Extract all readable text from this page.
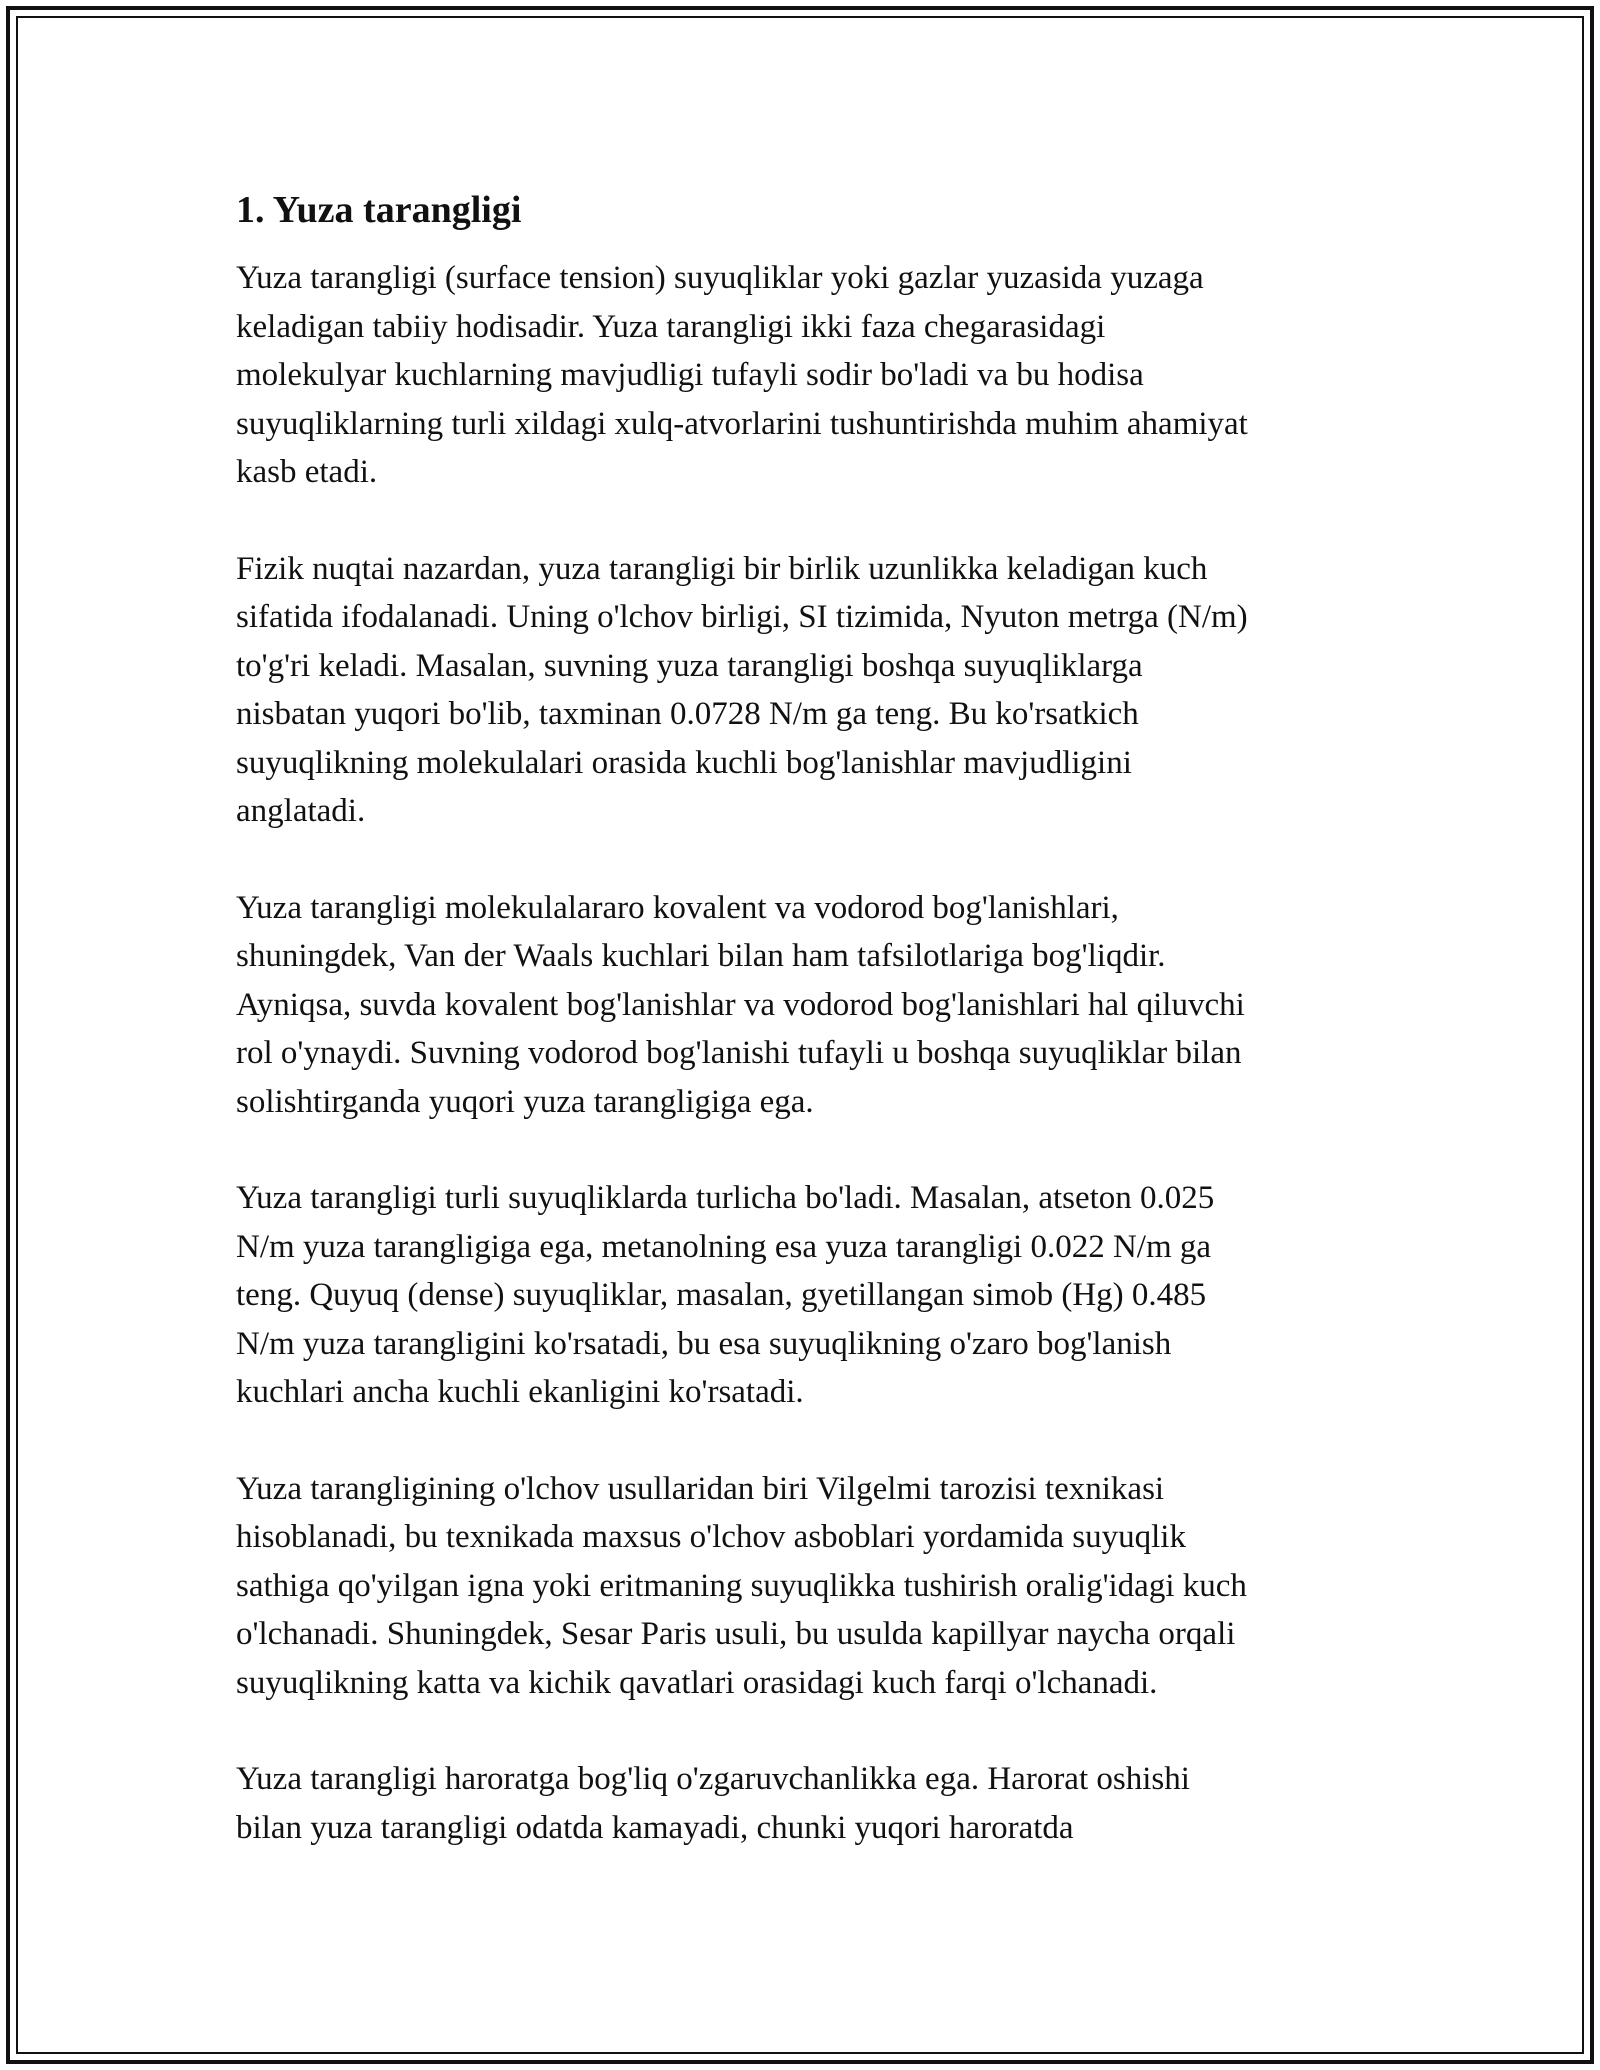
1. Yuza tarangligi

Yuza tarangligi (surface tension) suyuqliklar yoki gazlar yuzasida yuzaga
keladigan tabiiy hodisadir. Yuza tarangligi ikki faza chegarasidagi
molekulyar kuchlarning mavjudligi tufayli sodir bo'ladi va bu hodisa
suyuqliklarning turli xildagi xulq-atvorlarini tushuntirishda muhim ahamiyat
kasb etadi.

Fizik nuqtai nazardan, yuza tarangligi bir birlik uzunlikka keladigan kuch
sifatida ifodalanadi. Uning o'lchov birligi, SI tizimida, Nyuton metrga (N/m)
to'g'ri keladi. Masalan, suvning yuza tarangligi boshqa suyuqliklarga
nisbatan yuqori bo'lib, taxminan 0.0728 N/m ga teng. Bu ko'rsatkich
suyuqlikning molekulalari orasida kuchli bog'lanishlar mavjudligini
anglatadi.

Yuza tarangligi molekulalararo kovalent va vodorod bog'lanishlari,
shuningdek, Van der Waals kuchlari bilan ham tafsilotlariga bog'liqdir.
Ayniqsa, suvda kovalent bog'lanishlar va vodorod bog'lanishlari hal qiluvchi
rol o'ynaydi. Suvning vodorod bog'lanishi tufayli u boshqa suyuqliklar bilan
solishtirganda yuqori yuza tarangligiga ega.

Yuza tarangligi turli suyuqliklarda turlicha bo'ladi. Masalan, atseton 0.025
N/m yuza tarangligiga ega, metanolning esa yuza tarangligi 0.022 N/m ga
teng. Quyuq (dense) suyuqliklar, masalan, gyetillangan simob (Hg) 0.485
N/m yuza tarangligini ko'rsatadi, bu esa suyuqlikning o'zaro bog'lanish
kuchlari ancha kuchli ekanligini ko'rsatadi.

Yuza tarangligining o'lchov usullaridan biri Vilgelmi tarozisi texnikasi
hisoblanadi, bu texnikada maxsus o'lchov asboblari yordamida suyuqlik
sathiga qo'yilgan igna yoki eritmaning suyuqlikka tushirish oralig'idagi kuch
o'lchanadi. Shuningdek, Sesar Paris usuli, bu usulda kapillyar naycha orqali
suyuqlikning katta va kichik qavatlari orasidagi kuch farqi o'lchanadi.

Yuza tarangligi haroratga bog'liq o'zgaruvchanlikka ega. Harorat oshishi
bilan yuza tarangligi odatda kamayadi, chunki yuqori haroratda
